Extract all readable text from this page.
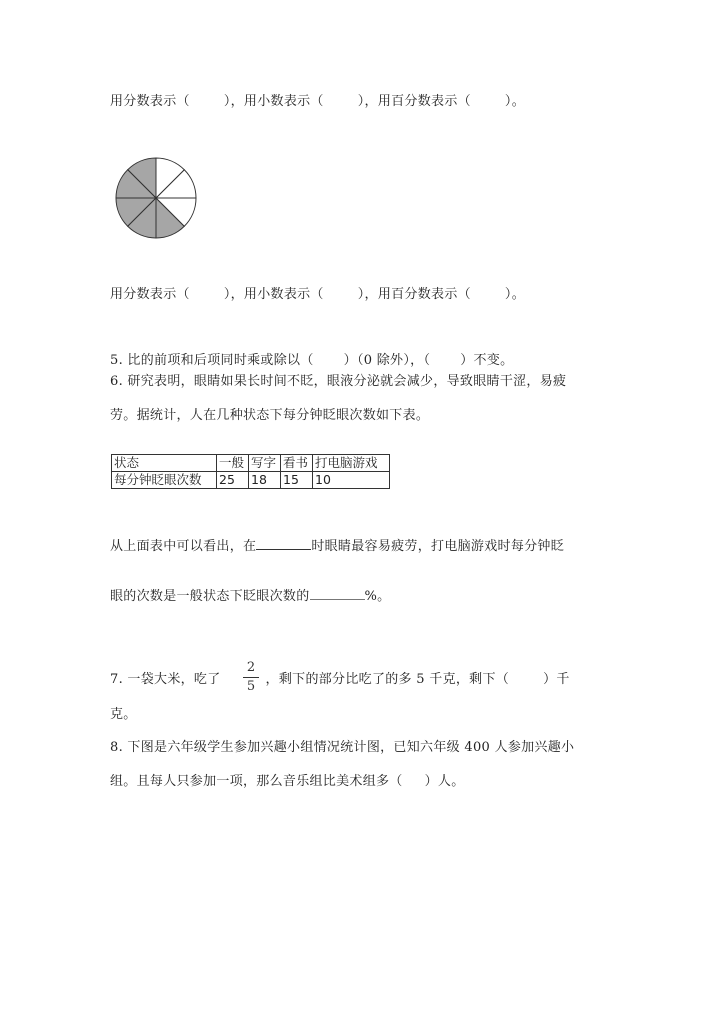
用分数表示（	），用小数表示（	），用百分数表示（	）。
用分数表示（	），用小数表示（	），用百分数表示（	）。
5. 比的前项和后项同时乘或除以（ ）（0 除外），（ ）不变。
6. 研究表明，眼睛如果长时间不眨，眼液分泌就会减少，导致眼睛干涩，易疲
劳。据统计，人在几种状态下每分钟眨眼次数如下表。
状态	一般	写字	看书	打电脑游戏
每分钟眨眼次数	25	18	15	10
从上面表中可以看出，在	时眼睛最容易疲劳，打电脑游戏时每分钟眨
眼的次数是一般状态下眨眼次数的	%。
7. 一袋大米，吃了	，剩下的部分比吃了的多 5 千克，剩下（	）千
2
5
克。
8. 下图是六年级学生参加兴趣小组情况统计图，已知六年级 400 人参加兴趣小
组。且每人只参加一项，那么音乐组比美术组多（ ）人。
